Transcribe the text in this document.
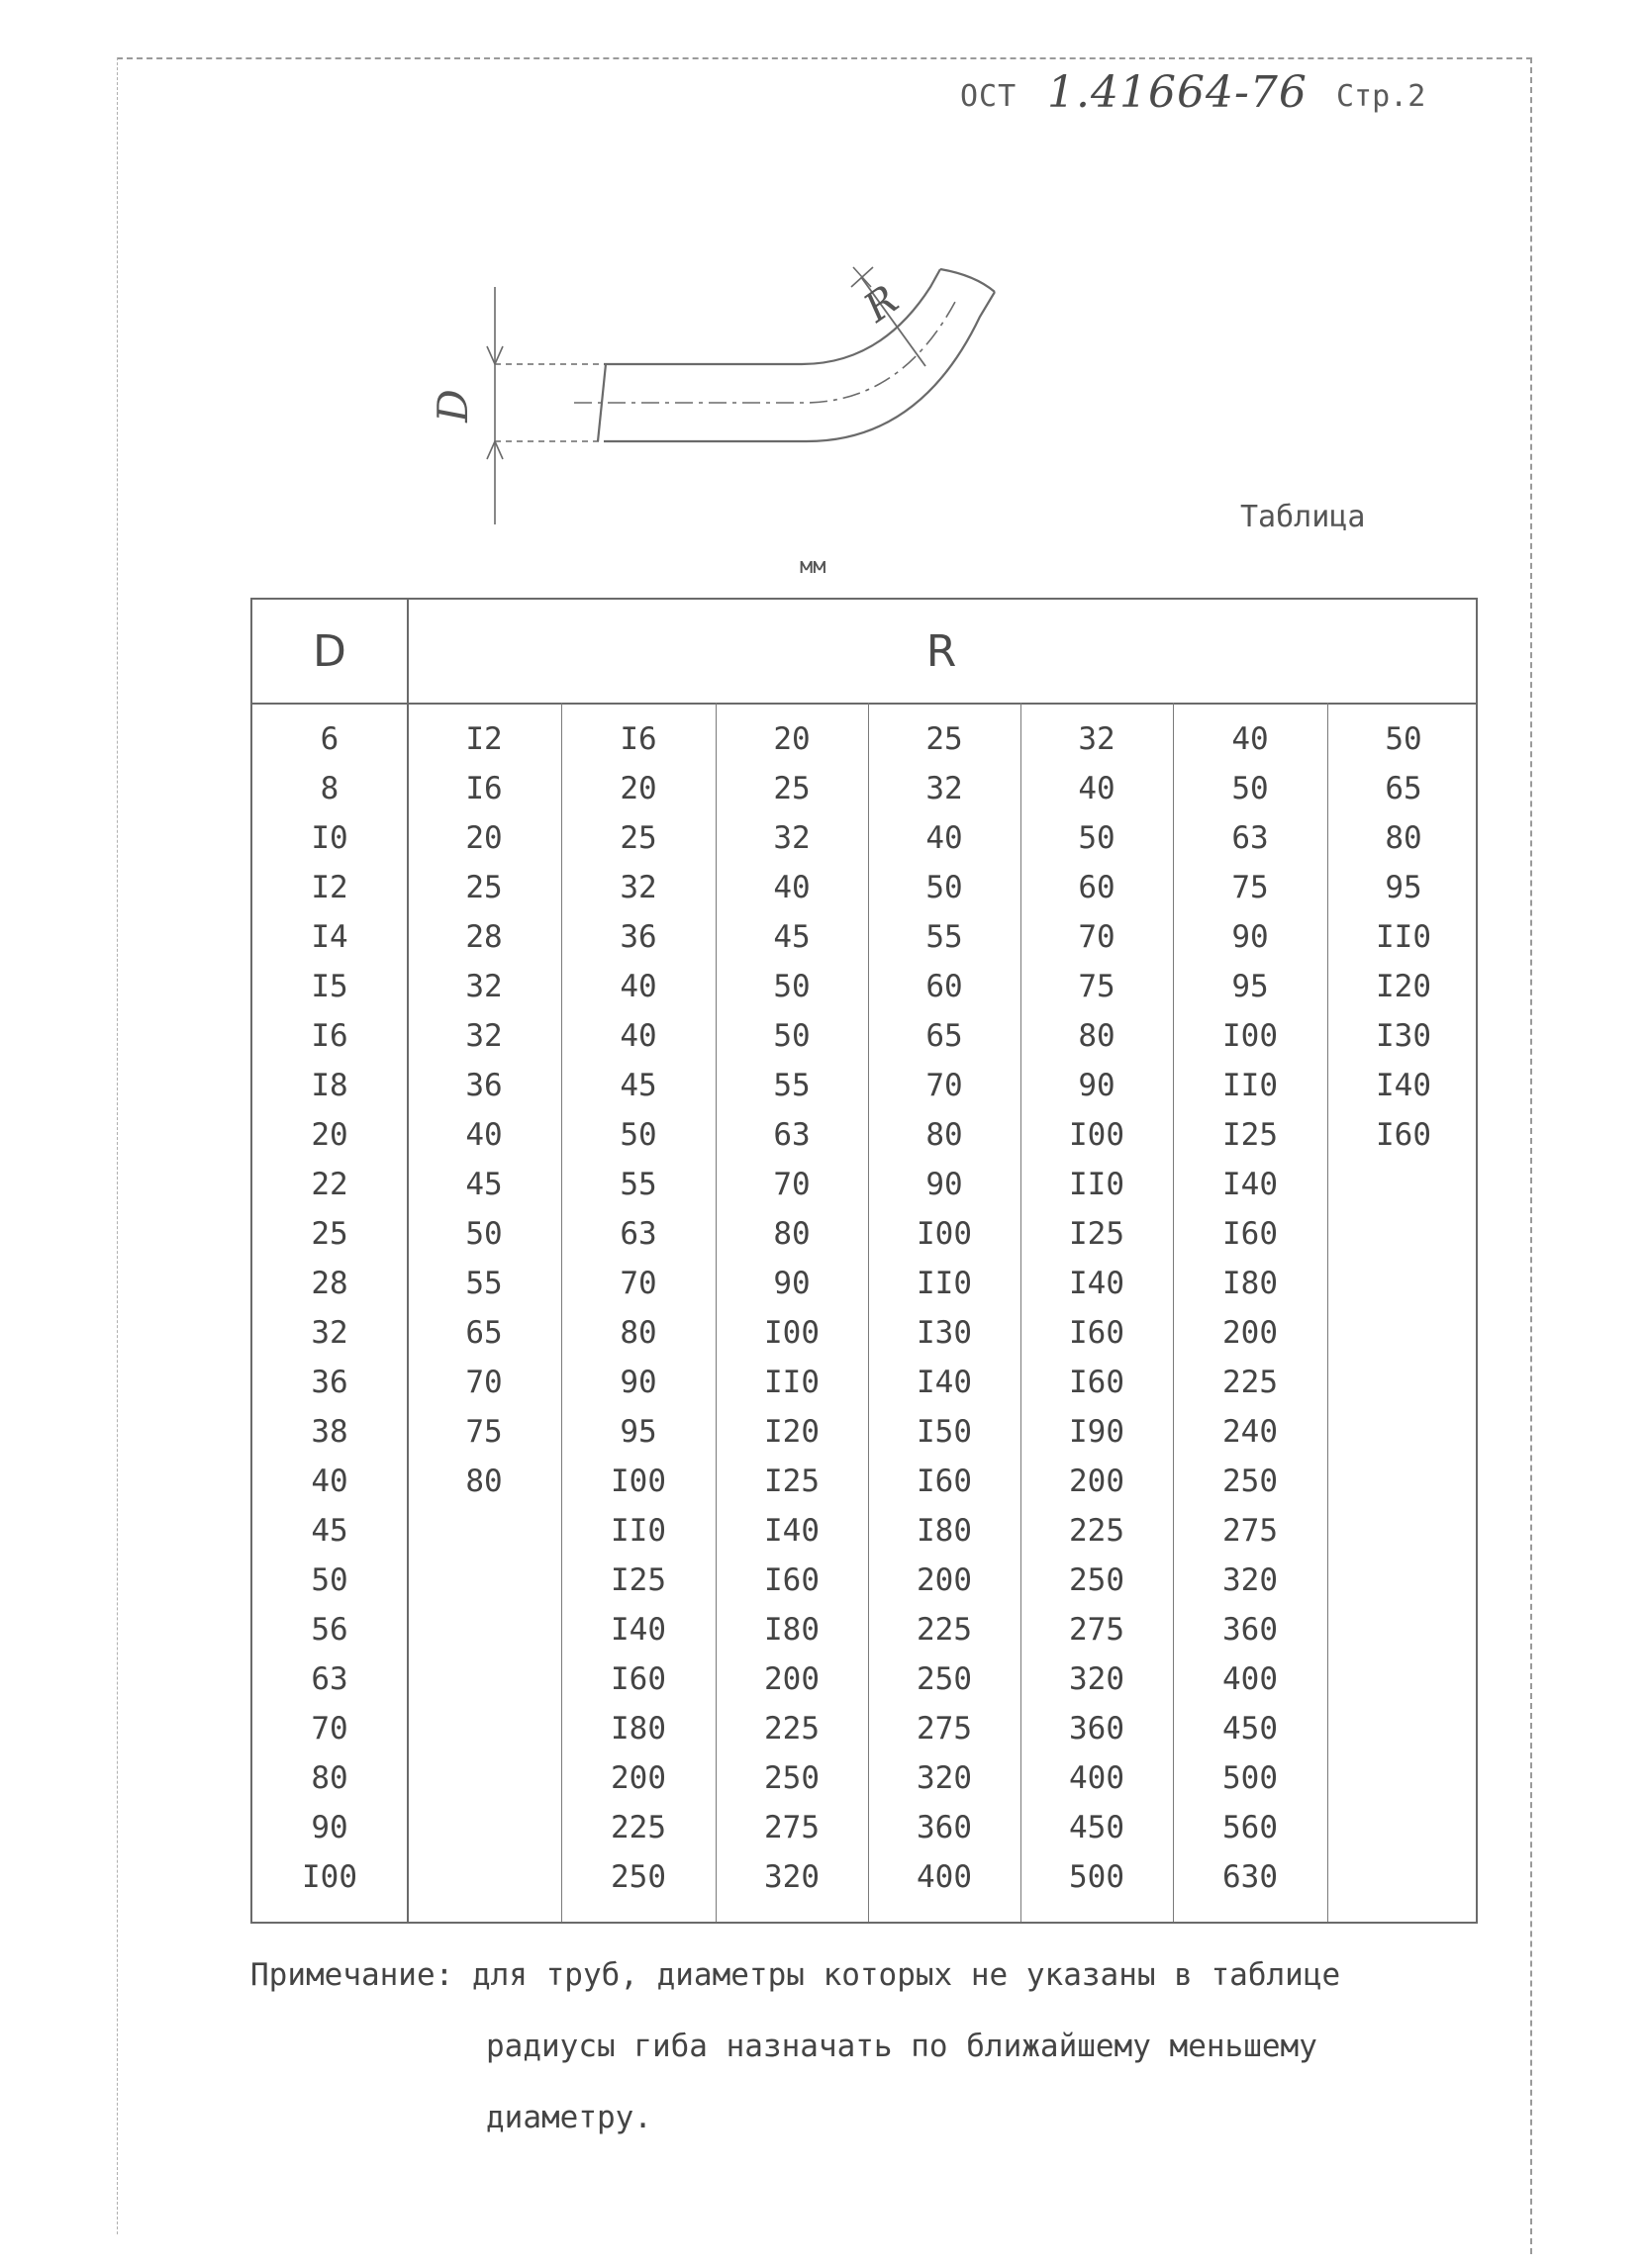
ОСТ 1.41664-76 Стр.2
D
R
Таблица
мм
D	R
6
8
I0
I2
I4
I5
I6
I8
20
22
25
28
32
36
38
40
45
50
56
63
70
80
90
I00
I2
I6
20
25
28
32
32
36
40
45
50
55
65
70
75
80
I6
20
25
32
36
40
40
45
50
55
63
70
80
90
95
I00
II0
I25
I40
I60
I80
200
225
250
20
25
32
40
45
50
50
55
63
70
80
90
I00
II0
I20
I25
I40
I60
I80
200
225
250
275
320
25
32
40
50
55
60
65
70
80
90
I00
II0
I30
I40
I50
I60
I80
200
225
250
275
320
360
400
32
40
50
60
70
75
80
90
I00
II0
I25
I40
I60
I60
I90
200
225
250
275
320
360
400
450
500
40
50
63
75
90
95
I00
II0
I25
I40
I60
I80
200
225
240
250
275
320
360
400
450
500
560
630
50
65
80
95
II0
I20
I30
I40
I60
Примечание: для труб, диаметры которых не указаны в таблице
радиусы гиба назначать по ближайшему меньшему
диаметру.
